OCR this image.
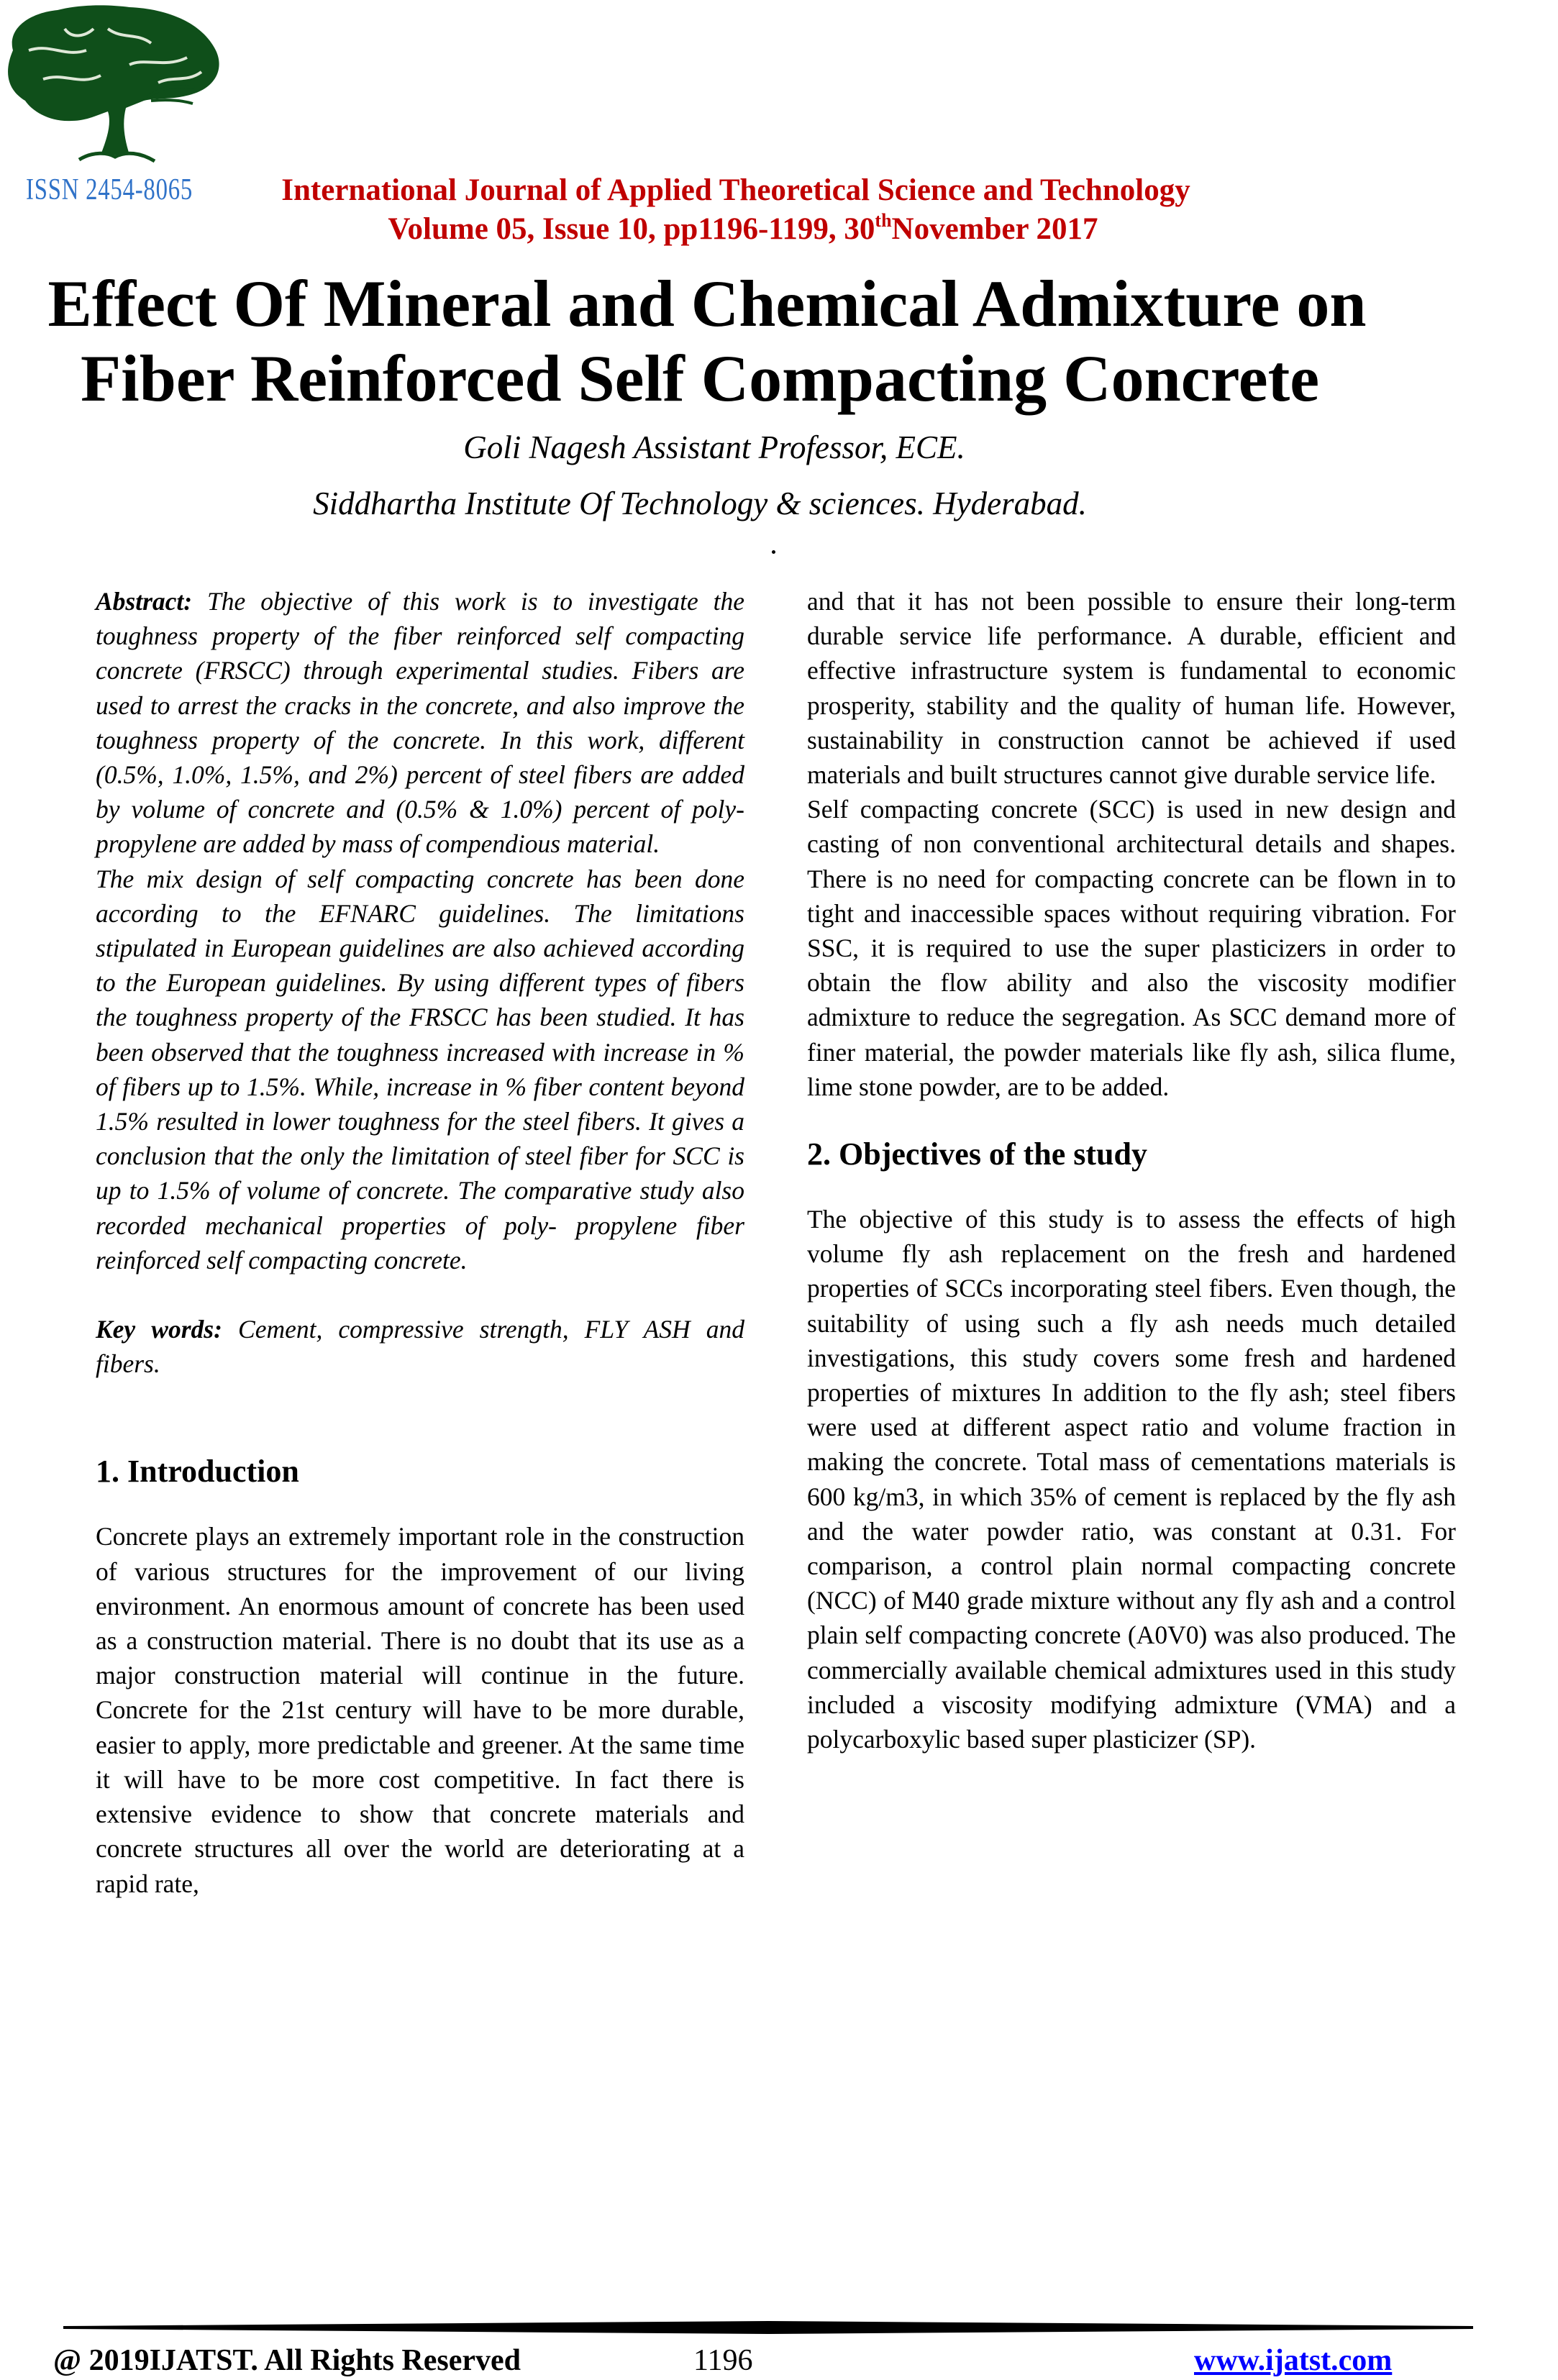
ISSN 2454-8065	International Journal of Applied Theoretical Science and Technology
Volume 05, Issue 10, pp1196-1199, 30thNovember 2017
Effect Of Mineral and Chemical Admixture on
Fiber Reinforced Self Compacting Concrete
Goli Nagesh Assistant Professor, ECE.
Siddhartha Institute Of Technology & sciences. Hyderabad.

Abstract: The objective of this work is to investigate the toughness property of the fiber reinforced self compacting concrete (FRSCC) through experimental studies. Fibers are used to arrest the cracks in the concrete, and also improve the toughness property of the concrete. In this work, different (0.5%, 1.0%, 1.5%, and 2%) percent of steel fibers are added by volume of concrete and (0.5% & 1.0%) percent of poly-propylene are added by mass of compendious material.

The mix design of self compacting concrete has been done according to the EFNARC guidelines. The limitations stipulated in European guidelines are also achieved according to the European guidelines. By using different types of fibers the toughness property of the FRSCC has been studied. It has been observed that the toughness increased with increase in % of fibers up to 1.5%. While, increase in % fiber content beyond 1.5% resulted in lower toughness for the steel fibers. It gives a conclusion that the only the limitation of steel fiber for SCC is up to 1.5% of volume of concrete. The comparative study also recorded mechanical properties of poly- propylene fiber reinforced self compacting concrete.

Key words: Cement, compressive strength, FLY ASH and fibers.

1. Introduction

Concrete plays an extremely important role in the construction of various structures for the improvement of our living environment. An enormous amount of concrete has been used as a construction material. There is no doubt that its use as a major construction material will continue in the future. Concrete for the 21st century will have to be more durable, easier to apply, more predictable and greener. At the same time it will have to be more cost competitive. In fact there is extensive evidence to show that concrete materials and concrete structures all over the world are deteriorating at a rapid rate,

and that it has not been possible to ensure their long-term durable service life performance. A durable, efficient and effective infrastructure system is fundamental to economic prosperity, stability and the quality of human life. However, sustainability in construction cannot be achieved if used materials and built structures cannot give durable service life.

Self compacting concrete (SCC) is used in new design and casting of non conventional architectural details and shapes. There is no need for compacting concrete can be flown in to tight and inaccessible spaces without requiring vibration. For SSC, it is required to use the super plasticizers in order to obtain the flow ability and also the viscosity modifier admixture to reduce the segregation. As SCC demand more of finer material, the powder materials like fly ash, silica flume, lime stone powder, are to be added.

2. Objectives of the study

The objective of this study is to assess the effects of high volume fly ash replacement on the fresh and hardened properties of SCCs incorporating steel fibers. Even though, the suitability of using such a fly ash needs much detailed investigations, this study covers some fresh and hardened properties of mixtures In addition to the fly ash; steel fibers were used at different aspect ratio and volume fraction in making the concrete. Total mass of cementations materials is 600 kg/m3, in which 35% of cement is replaced by the fly ash and the water powder ratio, was constant at 0.31. For comparison, a control plain normal compacting concrete (NCC) of M40 grade mixture without any fly ash and a control plain self compacting concrete (A0V0) was also produced. The commercially available chemical admixtures used in this study included a viscosity modifying admixture (VMA) and a polycarboxylic based super plasticizer (SP).

@ 2019IJATST. All Rights Reserved	1196	www.ijatst.com
